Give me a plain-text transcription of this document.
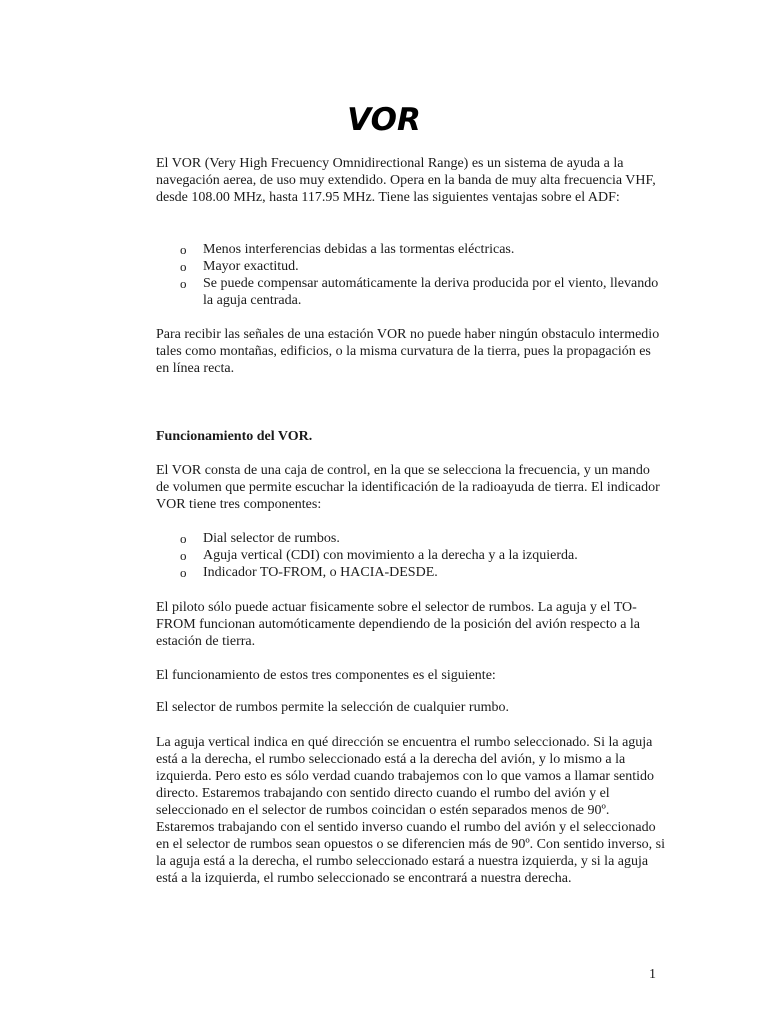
VOR

El VOR (Very High Frecuency Omnidirectional Range) es un sistema de ayuda a la navegación aerea, de uso muy extendido. Opera en la banda de muy alta frecuencia VHF, desde 108.00 MHz, hasta 117.95 MHz. Tiene las siguientes ventajas sobre el ADF:

o Menos interferencias debidas a las tormentas eléctricas.
o Mayor exactitud.
o Se puede compensar automáticamente la deriva producida por el viento, llevando la aguja centrada.

Para recibir las señales de una estación VOR no puede haber ningún obstaculo intermedio tales como montañas, edificios, o la misma curvatura de la tierra, pues la propagación es en línea recta.

Funcionamiento del VOR.

El VOR consta de una caja de control, en la que se selecciona la frecuencia, y un mando de volumen que permite escuchar la identificación de la radioayuda de tierra. El indicador VOR tiene tres componentes:

o Dial selector de rumbos.
o Aguja vertical (CDI) con movimiento a la derecha y a la izquierda.
o Indicador TO-FROM, o HACIA-DESDE.

El piloto sólo puede actuar fisicamente sobre el selector de rumbos. La aguja y el TO-FROM funcionan automóticamente dependiendo de la posición del avión respecto a la estación de tierra.

El funcionamiento de estos tres componentes es el siguiente:

El selector de rumbos permite la selección de cualquier rumbo.

La aguja vertical indica en qué dirección se encuentra el rumbo seleccionado. Si la aguja está a la derecha, el rumbo seleccionado está a la derecha del avión, y lo mismo a la izquierda. Pero esto es sólo verdad cuando trabajemos con lo que vamos a llamar sentido directo. Estaremos trabajando con sentido directo cuando el rumbo del avión y el seleccionado en el selector de rumbos coincidan o estén separados menos de 90º. Estaremos trabajando con el sentido inverso cuando el rumbo del avión y el seleccionado en el selector de rumbos sean opuestos o se diferencien más de 90º. Con sentido inverso, si la aguja está a la derecha, el rumbo seleccionado estará a nuestra izquierda, y si la aguja está a la izquierda, el rumbo seleccionado se encontrará a nuestra derecha.

1
